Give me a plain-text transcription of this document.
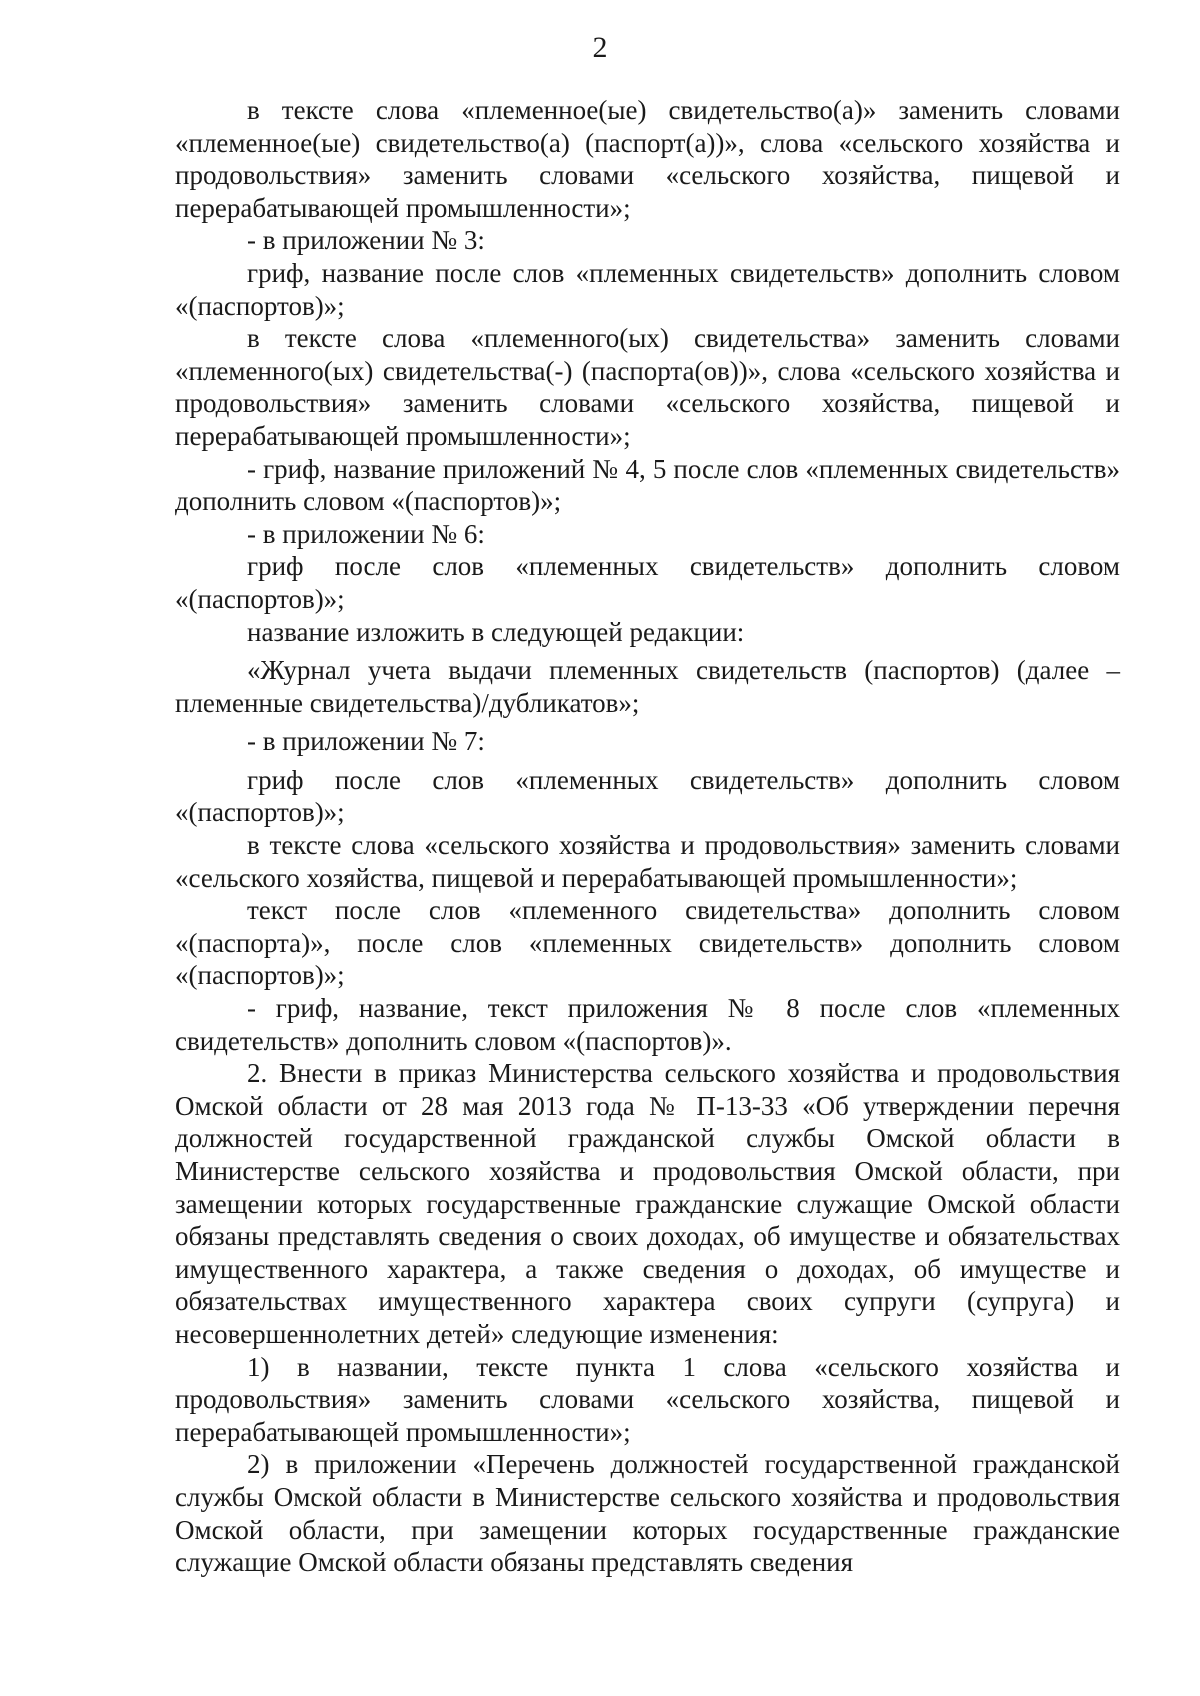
2

в тексте слова «племенное(ые) свидетельство(а)» заменить словами «племенное(ые) свидетельство(а) (паспорт(а))», слова «сельского хозяйства и продовольствия» заменить словами «сельского хозяйства, пищевой и перерабатывающей промышленности»;

- в приложении № 3:

гриф, название после слов «племенных свидетельств» дополнить словом «(паспортов)»;

в тексте слова «племенного(ых) свидетельства» заменить словами «племенного(ых) свидетельства(-) (паспорта(ов))», слова «сельского хозяйства и продовольствия» заменить словами «сельского хозяйства, пищевой и перерабатывающей промышленности»;

- гриф, название приложений № 4, 5 после слов «племенных свидетельств» дополнить словом «(паспортов)»;

- в приложении № 6:

гриф после слов «племенных свидетельств» дополнить словом «(паспортов)»;

название изложить в следующей редакции:

«Журнал учета выдачи племенных свидетельств (паспортов) (далее – племенные свидетельства)/дубликатов»;

- в приложении № 7:

гриф после слов «племенных свидетельств» дополнить словом «(паспортов)»;

в тексте слова «сельского хозяйства и продовольствия» заменить словами «сельского хозяйства, пищевой и перерабатывающей промышленности»;

текст после слов «племенного свидетельства» дополнить словом «(паспорта)», после слов «племенных свидетельств» дополнить словом «(паспортов)»;

- гриф, название, текст приложения № 8 после слов «племенных свидетельств» дополнить словом «(паспортов)».

2. Внести в приказ Министерства сельского хозяйства и продовольствия Омской области от 28 мая 2013 года № П-13-33 «Об утверждении перечня должностей государственной гражданской службы Омской области в Министерстве сельского хозяйства и продовольствия Омской области, при замещении которых государственные гражданские служащие Омской области обязаны представлять сведения о своих доходах, об имуществе и обязательствах имущественного характера, а также сведения о доходах, об имуществе и обязательствах имущественного характера своих супруги (супруга) и несовершеннолетних детей» следующие изменения:

1) в названии, тексте пункта 1 слова «сельского хозяйства и продовольствия» заменить словами «сельского хозяйства, пищевой и перерабатывающей промышленности»;

2) в приложении «Перечень должностей государственной гражданской службы Омской области в Министерстве сельского хозяйства и продовольствия Омской области, при замещении которых государственные гражданские служащие Омской области обязаны представлять сведения
